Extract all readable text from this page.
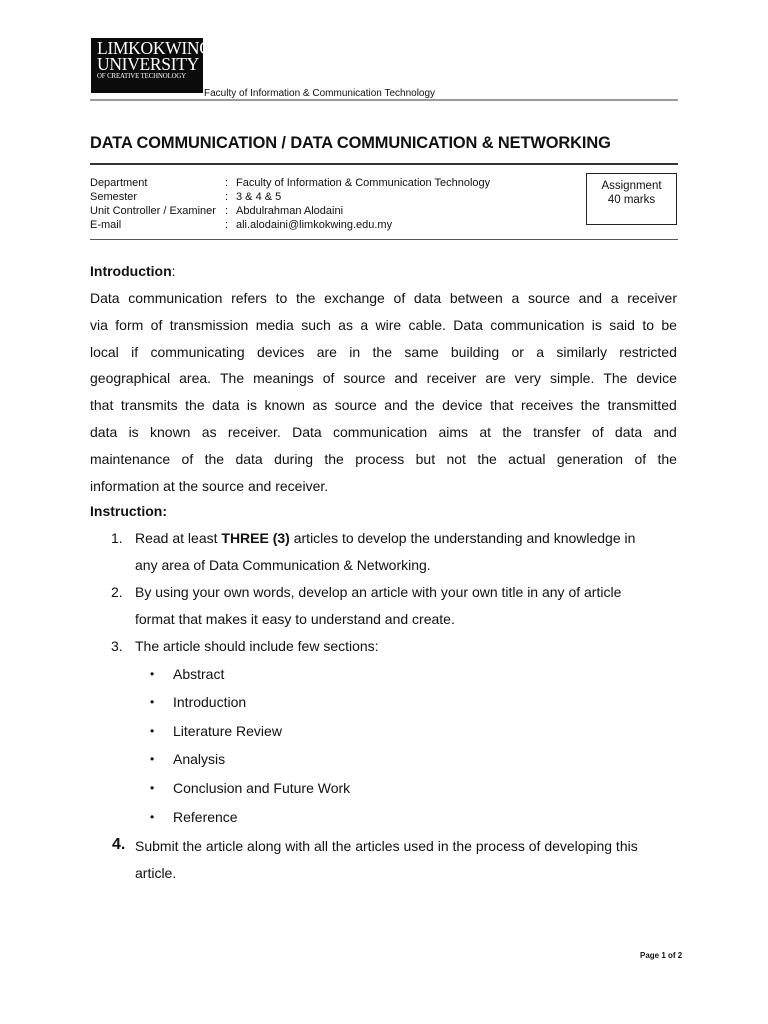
LIMKOKWING
UNIVERSITY
OF CREATIVE TECHNOLOGY
Faculty of Information & Communication Technology
DATA COMMUNICATION / DATA COMMUNICATION & NETWORKING
Department
Semester
Unit Controller / Examiner
E-mail
:
:
:
:
Faculty of Information & Communication Technology
3 & 4 & 5
Abdulrahman Alodaini
ali.alodaini@limkokwing.edu.my
Assignment
40 marks
Introduction:
Data communication refers to the exchange of data between a source and a receiver
via form of transmission media such as a wire cable. Data communication is said to be
local if communicating devices are in the same building or a similarly restricted
geographical area. The meanings of source and receiver are very simple. The device
that transmits the data is known as source and the device that receives the transmitted
data is known as receiver. Data communication aims at the transfer of data and
maintenance of the data during the process but not the actual generation of the
information at the source and receiver.
Instruction:
1. Read at least THREE (3) articles to develop the understanding and knowledge in
any area of Data Communication & Networking.
2. By using your own words, develop an article with your own title in any of article
format that makes it easy to understand and create.
3. The article should include few sections:
• Abstract
• Introduction
• Literature Review
• Analysis
• Conclusion and Future Work
• Reference
4. Submit the article along with all the articles used in the process of developing this
article.
Page 1 of 2
